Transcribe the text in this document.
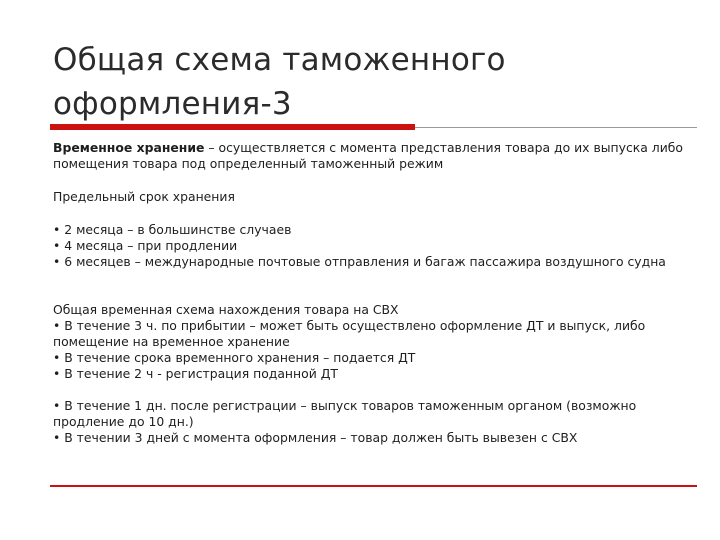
Общая схема таможенного
оформления-3

Временное хранение – осуществляется с момента представления товара до их выпуска либо помещения товара под определенный таможенный режим

Предельный срок хранения

• 2 месяца – в большинстве случаев

• 4 месяца – при продлении

• 6 месяцев – международные почтовые отправления и багаж пассажира воздушного судна

Общая временная схема нахождения товара на СВХ

• В течение 3 ч. по прибытии – может быть осуществлено оформление ДТ и выпуск, либо помещение на временное хранение

• В течение срока временного хранения – подается ДТ

• В течение 2 ч - регистрация поданной ДТ

• В течение 1 дн. после регистрации – выпуск товаров таможенным органом (возможно продление до 10 дн.)

• В течении 3 дней с момента оформления – товар должен быть вывезен с СВХ
